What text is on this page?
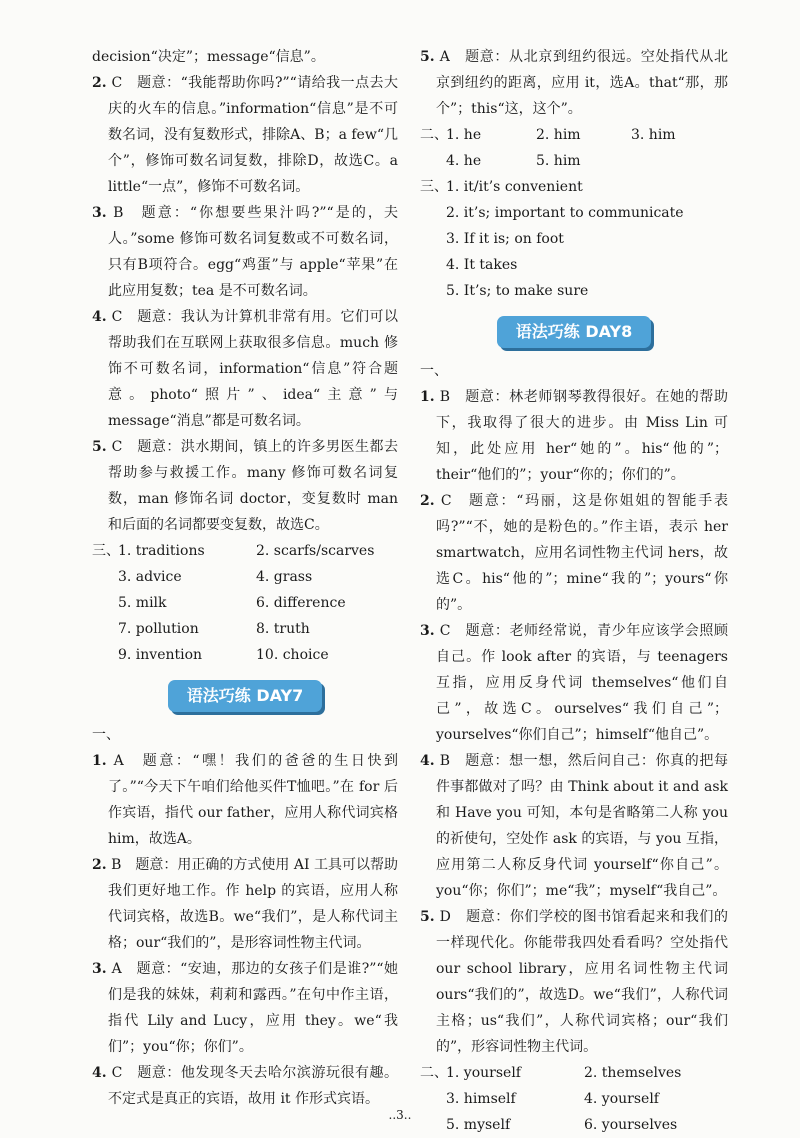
decision“决定”；message“信息”。
2. C　题意：“我能帮助你吗?”“请给我一点去大庆的火车的信息。”information“信息”是不可数名词，没有复数形式，排除A、B；a few“几个”，修饰可数名词复数，排除D，故选C。a little“一点”，修饰不可数名词。
3. B　题意：“你想要些果汁吗?”“是的，夫人。”some 修饰可数名词复数或不可数名词，只有B项符合。egg“鸡蛋”与 apple“苹果”在此应用复数；tea 是不可数名词。
4. C　题意：我认为计算机非常有用。它们可以帮助我们在互联网上获取很多信息。much 修饰不可数名词，information“信息”符合题意。photo“照片”、idea“主意”与 message“消息”都是可数名词。
5. C　题意：洪水期间，镇上的许多男医生都去帮助参与救援工作。many 修饰可数名词复数，man 修饰名词 doctor，变复数时 man 和后面的名词都要变复数，故选C。
三、
1. traditions	2. scarfs/scarves
3. advice	4. grass
5. milk	6. difference
7. pollution	8. truth
9. invention	10. choice
语法巧练 DAY7
一、
1. A　题意：“嘿！我们的爸爸的生日快到了。”“今天下午咱们给他买件T恤吧。”在 for 后作宾语，指代 our father，应用人称代词宾格 him，故选A。
2. B　题意：用正确的方式使用 AI 工具可以帮助我们更好地工作。作 help 的宾语，应用人称代词宾格，故选B。we“我们”，是人称代词主格；our“我们的”，是形容词性物主代词。
3. A　题意：“安迪，那边的女孩子们是谁?”“她们是我的妹妹，莉莉和露西。”在句中作主语，指代 Lily and Lucy，应用 they。we“我们”；you“你；你们”。
4. C　题意：他发现冬天去哈尔滨游玩很有趣。不定式是真正的宾语，故用 it 作形式宾语。
5. A　题意：从北京到纽约很远。空处指代从北京到纽约的距离，应用 it，选A。that“那，那个”；this“这，这个”。
二、
1. he	2. him	3. him
4. he	5. him
三、
1. it/it’s convenient
2. it’s; important to communicate
3. If it is; on foot
4. It takes
5. It’s; to make sure
语法巧练 DAY8
一、
1. B　题意：林老师钢琴教得很好。在她的帮助下，我取得了很大的进步。由 Miss Lin 可知，此处应用 her“她的”。his“他的”；their“他们的”；your“你的；你们的”。
2. C　题意：“玛丽，这是你姐姐的智能手表吗?”“不，她的是粉色的。”作主语，表示 her smartwatch，应用名词性物主代词 hers，故选C。his“他的”；mine“我的”；yours“你的”。
3. C　题意：老师经常说，青少年应该学会照顾自己。作 look after 的宾语，与 teenagers 互指，应用反身代词 themselves“他们自己”，故选C。ourselves“我们自己”；yourselves“你们自己”；himself“他自己”。
4. B　题意：想一想，然后问自己：你真的把每件事都做对了吗？由 Think about it and ask 和 Have you 可知，本句是省略第二人称 you 的祈使句，空处作 ask 的宾语，与 you 互指，应用第二人称反身代词 yourself“你自己”。you“你；你们”；me“我”；myself“我自己”。
5. D　题意：你们学校的图书馆看起来和我们的一样现代化。你能带我四处看看吗？空处指代 our school library，应用名词性物主代词 ours“我们的”，故选D。we“我们”，人称代词主格；us“我们”，人称代词宾格；our“我们的”，形容词性物主代词。
二、
1. yourself	2. themselves
3. himself	4. yourself
5. myself	6. yourselves
..3..
